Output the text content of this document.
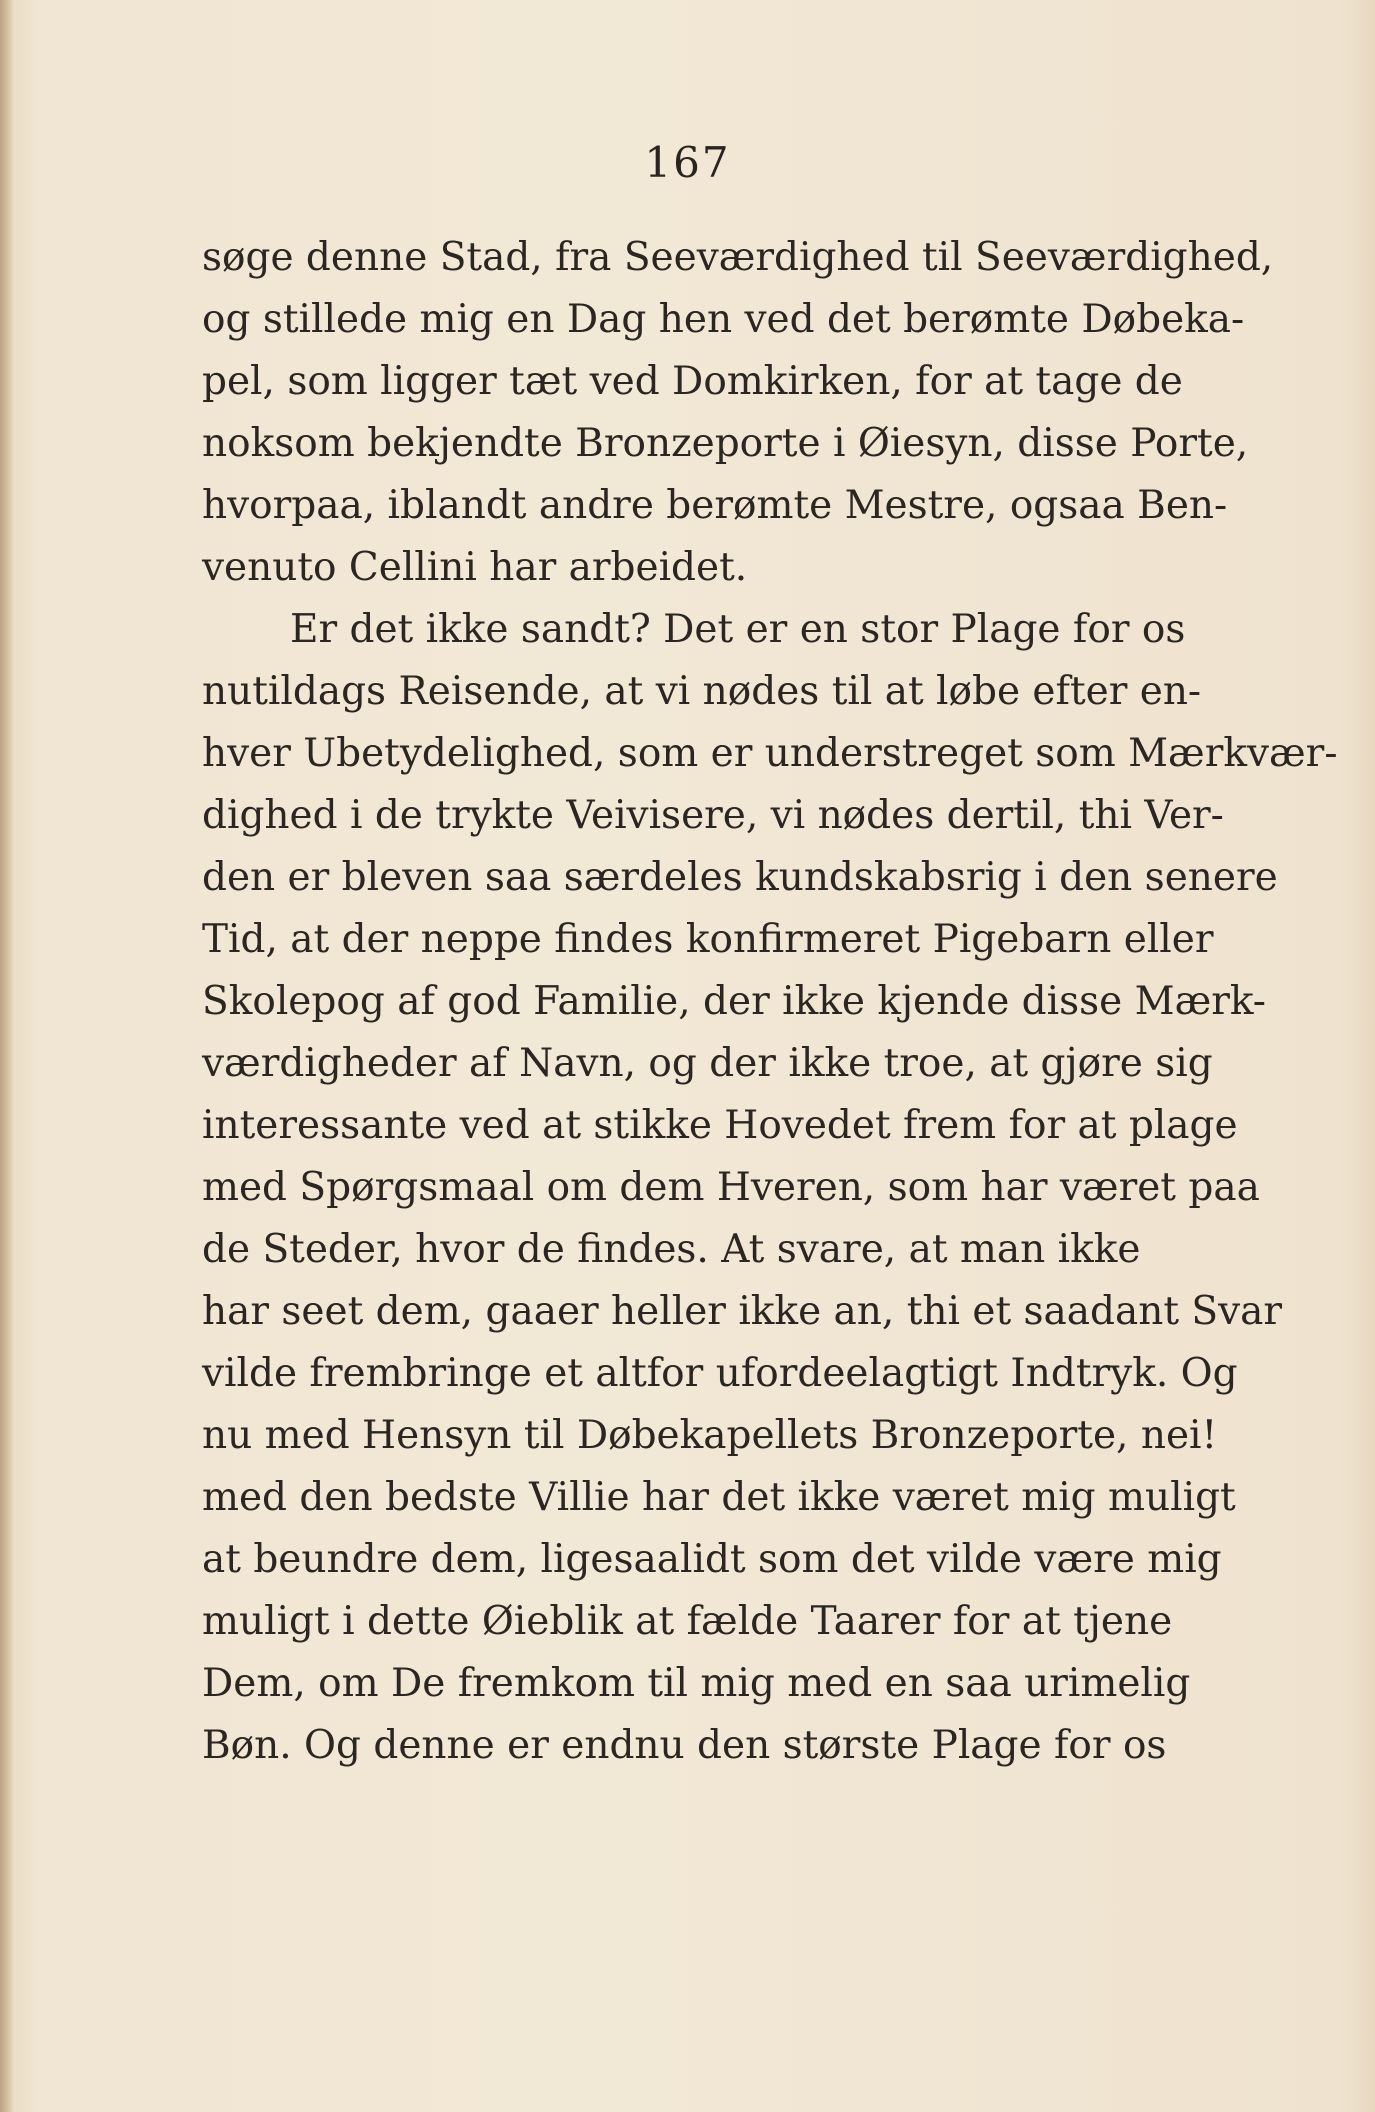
167
søge denne Stad, fra Seeværdighed til Seeværdighed,
og stillede mig en Dag hen ved det berømte Døbeka-
pel, som ligger tæt ved Domkirken, for at tage de
noksom bekjendte Bronzeporte i Øiesyn, disse Porte,
hvorpaa, iblandt andre berømte Mestre, ogsaa Ben-
venuto Cellini har arbeidet.
Er det ikke sandt? Det er en stor Plage for os
nutildags Reisende, at vi nødes til at løbe efter en-
hver Ubetydelighed, som er understreget som Mærkvær-
dighed i de trykte Veivisere, vi nødes dertil, thi Ver-
den er bleven saa særdeles kundskabsrig i den senere
Tid, at der neppe findes konfirmeret Pigebarn eller
Skolepog af god Familie, der ikke kjende disse Mærk-
værdigheder af Navn, og der ikke troe, at gjøre sig
interessante ved at stikke Hovedet frem for at plage
med Spørgsmaal om dem Hveren, som har været paa
de Steder, hvor de findes. At svare, at man ikke
har seet dem, gaaer heller ikke an, thi et saadant Svar
vilde frembringe et altfor ufordeelagtigt Indtryk. Og
nu med Hensyn til Døbekapellets Bronzeporte, nei!
med den bedste Villie har det ikke været mig muligt
at beundre dem, ligesaalidt som det vilde være mig
muligt i dette Øieblik at fælde Taarer for at tjene
Dem, om De fremkom til mig med en saa urimelig
Bøn. Og denne er endnu den største Plage for os
